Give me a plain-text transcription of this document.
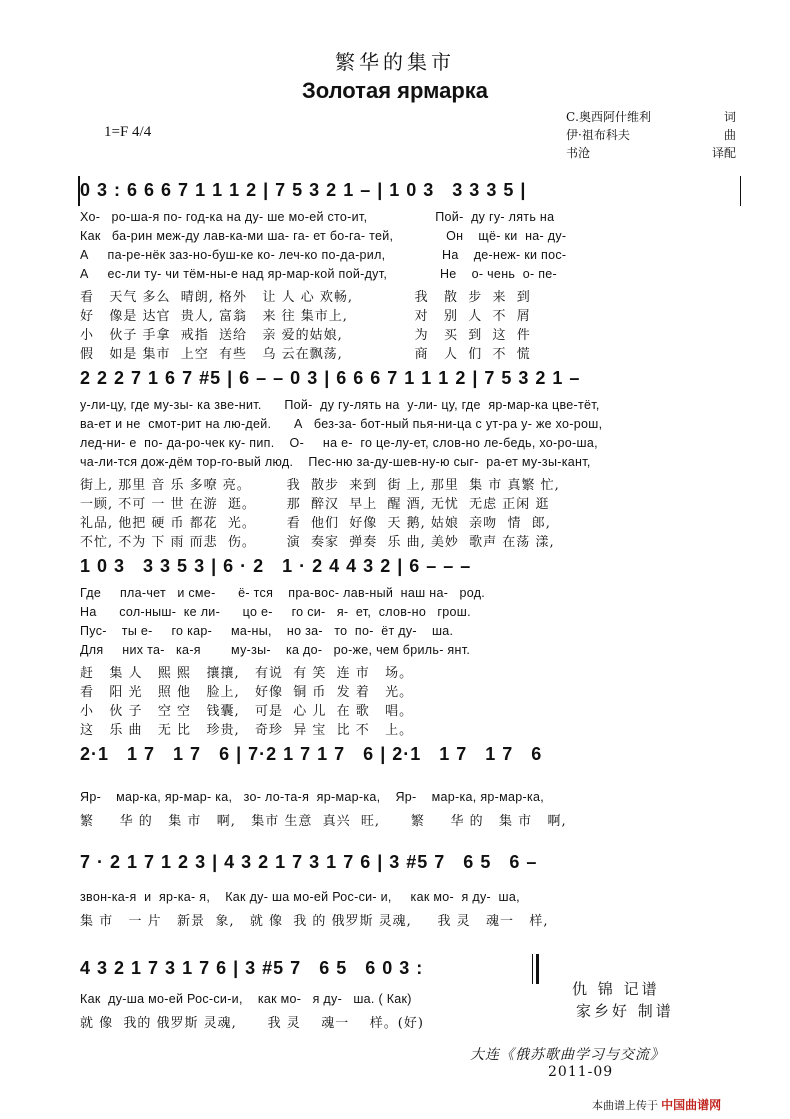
繁华的集市
Золотая ярмарка
1=F 4/4
С.奥西阿什维利	词
伊·祖布科夫	曲
书沧	译配
0 3 : 6 6 6 7 1 1 1 2 | 7 5 3 2 1 – | 1 0 3   3 3 3 5 |
Хо-   ро-ша-я по- год-ка на ду- ше мо-ей сто-ит,                  Пой-  ду гу- лять на
Как   ба-рин меж-ду лав-ка-ми ша- га- ет бо-га- тей,              Он    щё- ки  на- ду-
А     па-ре-нёк зaз-но-буш-ке ко- леч-ко по-да-рил,               На    де-неж- ки пос-
А     ес-ли ту- чи тём-ны-е над яр-мар-кой пой-дут,              Не    о- чень  о- пе-
看   天气 多么  晴朗, 格外   让 人 心 欢畅,            我   散  步  来  到
好   像是 达官  贵人, 富翁   来 往 集市上,             对   别  人  不  屑
小   伙子 手拿  戒指  送给   亲 爱的姑娘,              为   买  到  这  件
假   如是 集市  上空  有些   乌 云在飘荡,              商   人  们  不  慌
2 2 2 7 1 6 7 #5 | 6 – – 0 3 | 6 6 6 7 1 1 1 2 | 7 5 3 2 1 –
у-ли-цу, где му-зы- ка зве-нит.      Пой-  ду гу-лять на  у-ли- цу, где  яр-мар-ка цве-тёт,
ва-ет и не  смот-рит на лю-дей.      А   без-за- бот-ный пья-ни-ца с ут-ра у- же хо-рош,
лед-ни- е  по- да-ро-чек ку- пип.    О-     на е-  го це-лу-ет, слов-но ле-бедь, хо-ро-ша,
ча-ли-тся дож-дём тор-го-вый люд.    Пес-ню за-ду-шев-ну-ю сыг-  ра-ет му-зы-кант,
街上, 那里 音 乐 多嘹 亮。       我  散步  来到  街 上, 那里  集 市 真繁 忙,
一顾, 不可 一 世 在游  逛。      那  醉汉  早上  醒 酒, 无忧  无虑 正闲 逛
礼品, 他把 硬 币 都花  光。      看  他们  好像  天 鹅, 姑娘  亲吻  情  郎,
不忙, 不为 下 雨 而悲  伤。      演  奏家  弹奏  乐 曲, 美妙  歌声 在荡 漾,
1 0 3   3 3 5 3 | 6 · 2   1 · 2 4 4 3 2 | 6 – – –
Где     пла-чет   и сме-      ё- тся    пра-вос- лав-ный  наш на-   род.
На      сол-ныш-  ке ли-      цо е-     го си-   я-  ет,  слов-но   грош.
Пус-    ты е-     го кар-     ма-ны,    но за-   то  по-  ёт ду-    ша.
Для     них та-   ка-я        му-зы-    ка до-   ро-же, чем бриль- янт.
赶   集 人   熙 熙   攘攘,   有说  有 笑  连 市   场。
看   阳 光   照 他   脸上,   好像  铜 币  发 着   光。
小   伙 子   空 空   钱囊,   可是  心 儿  在 歌   唱。
这   乐 曲   无 比   珍贵,   奇珍  异 宝  比 不   上。
2·1   1 7   1 7   6 | 7·2 1 7 1 7   6 | 2·1   1 7   1 7   6
Яр-    мар-ка, яр-мар- ка,   зо- ло-та-я  яр-мар-ка,    Яр-    мар-ка, яр-мар-ка,
繁     华 的   集 市   啊,   集市 生意  真兴  旺,      繁     华 的   集 市   啊,
7 · 2 1 7 1 2 3 | 4 3 2 1 7 3 1 7 6 | 3 #5 7   6 5   6 –
звон-ка-я  и  яр-ка- я,    Как ду- ша мо-ей Рос-си- и,     как мо-  я ду-  ша,
集 市   一 片   新景  象,   就 像  我 的 俄罗斯 灵魂,     我 灵   魂一   样,
4 3 2 1 7 3 1 7 6 | 3 #5 7   6 5   6 0 3 :
Как  ду-ша мо-ей Рос-си-и,    как мо-   я ду-   ша. ( Как)
就 像  我的 俄罗斯 灵魂,      我 灵    魂一    样。(好)
仇 锦 记谱
家乡好 制谱
大连《俄苏歌曲学习与交流》
2011-09
本曲谱上传于 中国曲谱网
